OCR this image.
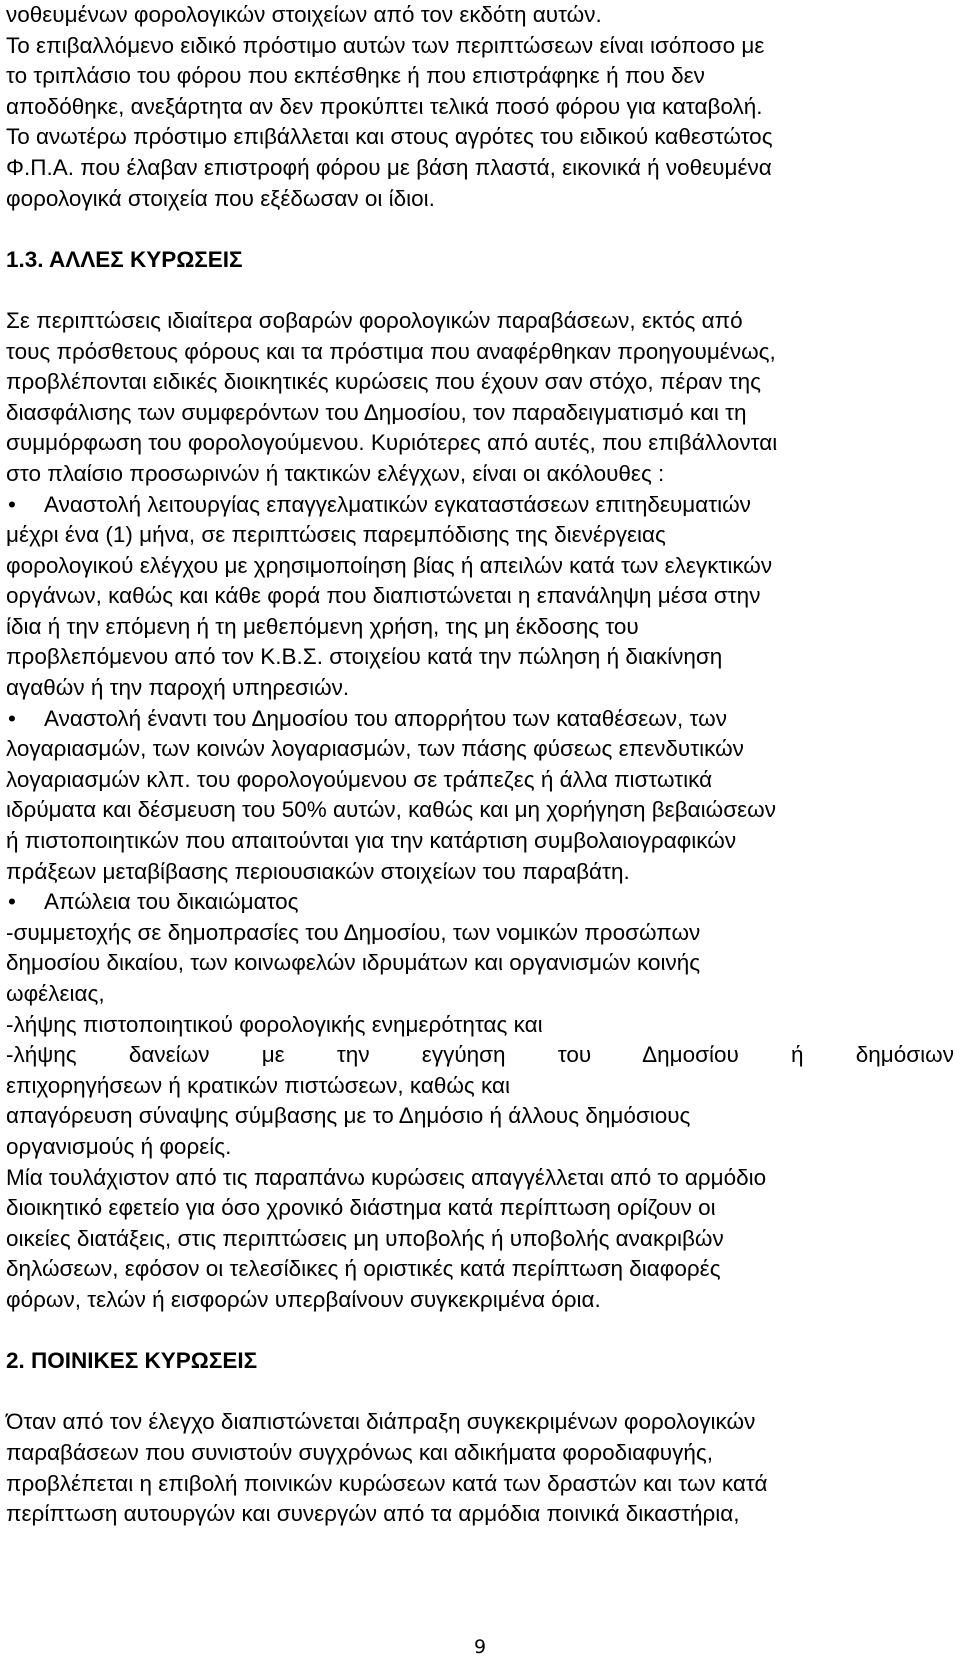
νοθευμένων φορολογικών στοιχείων από τον εκδότη αυτών.
Το επιβαλλόμενο ειδικό πρόστιμο αυτών των περιπτώσεων είναι ισόποσο με
το τριπλάσιο του φόρου που εκπέσθηκε ή που επιστράφηκε ή που δεν
αποδόθηκε, ανεξάρτητα αν δεν προκύπτει τελικά ποσό φόρου για καταβολή.
Το ανωτέρω πρόστιμο επιβάλλεται και στους αγρότες του ειδικού καθεστώτος
Φ.Π.Α. που έλαβαν επιστροφή φόρου με βάση πλαστά, εικονικά ή νοθευμένα
φορολογικά στοιχεία που εξέδωσαν οι ίδιοι.
1.3. ΑΛΛΕΣ ΚΥΡΩΣΕΙΣ
Σε περιπτώσεις ιδιαίτερα σοβαρών φορολογικών παραβάσεων, εκτός από
τους πρόσθετους φόρους και τα πρόστιμα που αναφέρθηκαν προηγουμένως,
προβλέπονται ειδικές διοικητικές κυρώσεις που έχουν σαν στόχο, πέραν της
διασφάλισης των συμφερόντων του Δημοσίου, τον παραδειγματισμό και τη
συμμόρφωση του φορολογούμενου. Κυριότερες από αυτές, που επιβάλλονται
στο πλαίσιο προσωρινών ή τακτικών ελέγχων, είναι οι ακόλουθες :
• Αναστολή λειτουργίας επαγγελματικών εγκαταστάσεων επιτηδευματιών
μέχρι ένα (1) μήνα, σε περιπτώσεις παρεμπόδισης της διενέργειας
φορολογικού ελέγχου με χρησιμοποίηση βίας ή απειλών κατά των ελεγκτικών
οργάνων, καθώς και κάθε φορά που διαπιστώνεται η επανάληψη μέσα στην
ίδια ή την επόμενη ή τη μεθεπόμενη χρήση, της μη έκδοσης του
προβλεπόμενου από τον Κ.Β.Σ. στοιχείου κατά την πώληση ή διακίνηση
αγαθών ή την παροχή υπηρεσιών.
• Αναστολή έναντι του Δημοσίου του απορρήτου των καταθέσεων, των
λογαριασμών, των κοινών λογαριασμών, των πάσης φύσεως επενδυτικών
λογαριασμών κλπ. του φορολογούμενου σε τράπεζες ή άλλα πιστωτικά
ιδρύματα και δέσμευση του 50% αυτών, καθώς και μη χορήγηση βεβαιώσεων
ή πιστοποιητικών που απαιτούνται για την κατάρτιση συμβολαιογραφικών
πράξεων μεταβίβασης περιουσιακών στοιχείων του παραβάτη.
• Απώλεια του δικαιώματος
-συμμετοχής σε δημοπρασίες του Δημοσίου, των νομικών προσώπων
δημοσίου δικαίου, των κοινωφελών ιδρυμάτων και οργανισμών κοινής
ωφέλειας,
-λήψης πιστοποιητικού φορολογικής ενημερότητας και
-λήψης δανείων με την εγγύηση του Δημοσίου ή δημόσιων
επιχορηγήσεων ή κρατικών πιστώσεων, καθώς και
απαγόρευση σύναψης σύμβασης με το Δημόσιο ή άλλους δημόσιους
οργανισμούς ή φορείς.
Μία τουλάχιστον από τις παραπάνω κυρώσεις απαγγέλλεται από το αρμόδιο
διοικητικό εφετείο για όσο χρονικό διάστημα κατά περίπτωση ορίζουν οι
οικείες διατάξεις, στις περιπτώσεις μη υποβολής ή υποβολής ανακριβών
δηλώσεων, εφόσον οι τελεσίδικες ή οριστικές κατά περίπτωση διαφορές
φόρων, τελών ή εισφορών υπερβαίνουν συγκεκριμένα όρια.
2. ΠΟΙΝΙΚΕΣ ΚΥΡΩΣΕΙΣ
Όταν από τον έλεγχο διαπιστώνεται διάπραξη συγκεκριμένων φορολογικών
παραβάσεων που συνιστούν συγχρόνως και αδικήματα φοροδιαφυγής,
προβλέπεται η επιβολή ποινικών κυρώσεων κατά των δραστών και των κατά
περίπτωση αυτουργών και συνεργών από τα αρμόδια ποινικά δικαστήρια,
9
